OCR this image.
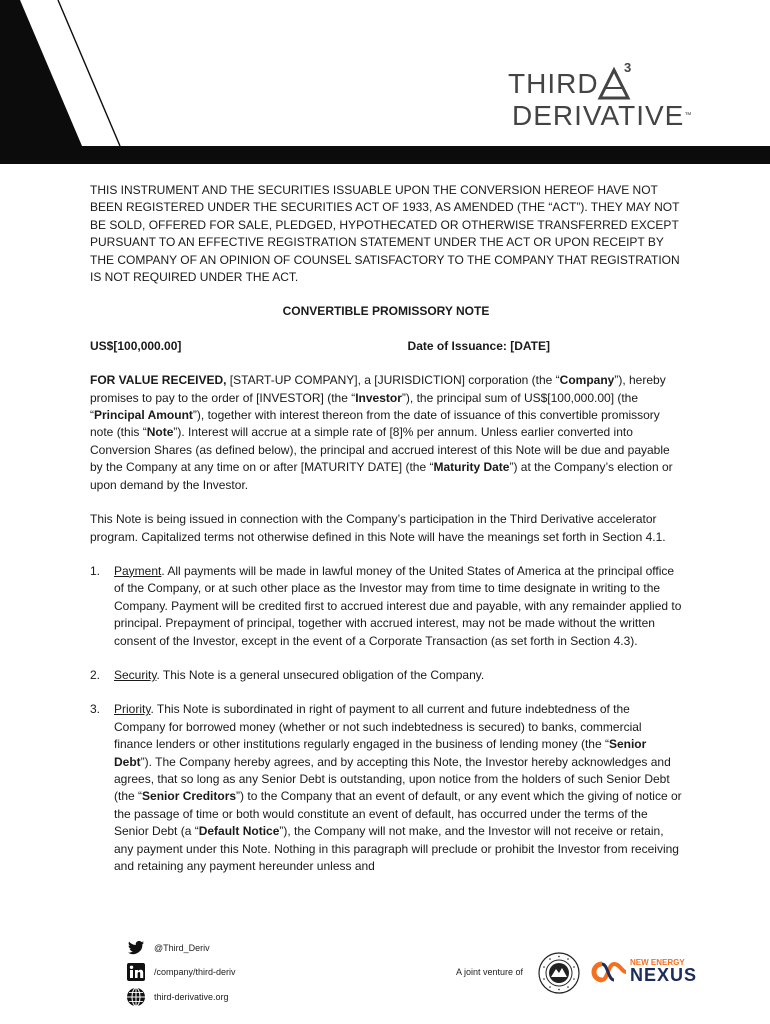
THIRD
3
DERIVATIVE™

THIS INSTRUMENT AND THE SECURITIES ISSUABLE UPON THE CONVERSION HEREOF HAVE NOT BEEN REGISTERED UNDER THE SECURITIES ACT OF 1933, AS AMENDED (THE “ACT”). THEY MAY NOT BE SOLD, OFFERED FOR SALE, PLEDGED, HYPOTHECATED OR OTHERWISE TRANSFERRED EXCEPT PURSUANT TO AN EFFECTIVE REGISTRATION STATEMENT UNDER THE ACT OR UPON RECEIPT BY THE COMPANY OF AN OPINION OF COUNSEL SATISFACTORY TO THE COMPANY THAT REGISTRATION IS NOT REQUIRED UNDER THE ACT.

CONVERTIBLE PROMISSORY NOTE

US$[100,000.00]	Date of Issuance: [DATE]

FOR VALUE RECEIVED, [START-UP COMPANY], a [JURISDICTION] corporation (the “Company”), hereby promises to pay to the order of [INVESTOR] (the “Investor”), the principal sum of US$[100,000.00] (the “Principal Amount”), together with interest thereon from the date of issuance of this convertible promissory note (this “Note”). Interest will accrue at a simple rate of [8]% per annum. Unless earlier converted into Conversion Shares (as defined below), the principal and accrued interest of this Note will be due and payable by the Company at any time on or after [MATURITY DATE] (the “Maturity Date”) at the Company’s election or upon demand by the Investor.

This Note is being issued in connection with the Company’s participation in the Third Derivative accelerator program. Capitalized terms not otherwise defined in this Note will have the meanings set forth in Section 4.1.

1. Payment. All payments will be made in lawful money of the United States of America at the principal office of the Company, or at such other place as the Investor may from time to time designate in writing to the Company. Payment will be credited first to accrued interest due and payable, with any remainder applied to principal. Prepayment of principal, together with accrued interest, may not be made without the written consent of the Investor, except in the event of a Corporate Transaction (as set forth in Section 4.3).
2. Security. This Note is a general unsecured obligation of the Company.
3. Priority. This Note is subordinated in right of payment to all current and future indebtedness of the Company for borrowed money (whether or not such indebtedness is secured) to banks, commercial finance lenders or other institutions regularly engaged in the business of lending money (the “Senior Debt”). The Company hereby agrees, and by accepting this Note, the Investor hereby acknowledges and agrees, that so long as any Senior Debt is outstanding, upon notice from the holders of such Senior Debt (the “Senior Creditors”) to the Company that an event of default, or any event which the giving of notice or the passage of time or both would constitute an event of default, has occurred under the terms of the Senior Debt (a “Default Notice”), the Company will not make, and the Investor will not receive or retain, any payment under this Note. Nothing in this paragraph will preclude or prohibit the Investor from receiving and retaining any payment hereunder unless and
@Third_Deriv
/company/third-deriv
third-derivative.org
A joint venture of
NEW ENERGY
NEXUS
